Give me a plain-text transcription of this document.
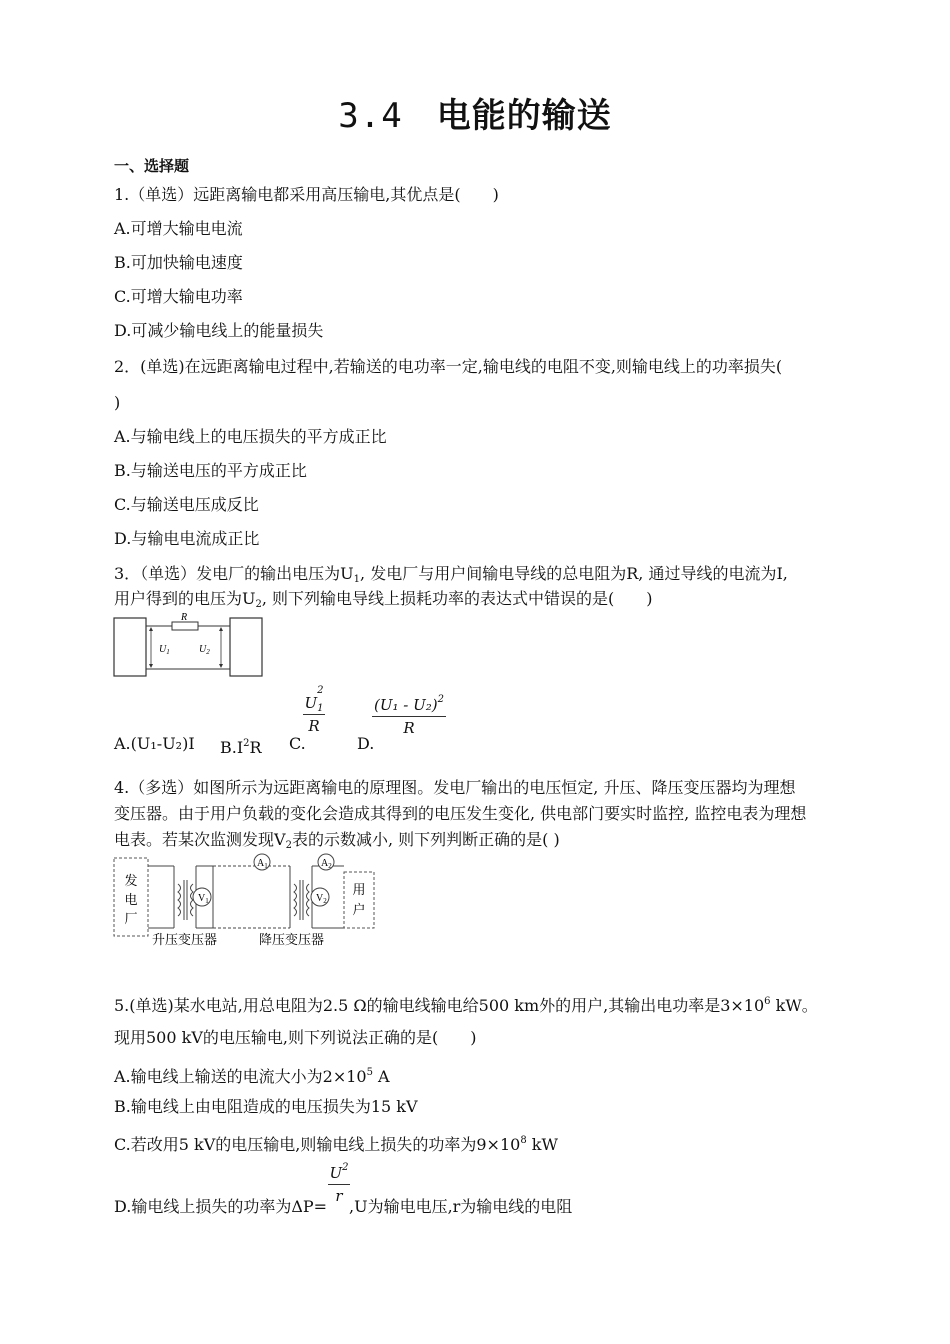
3.4 电能的输送
一、选择题
1.（单选）远距离输电都采用高压输电,其优点是(　　)
A.可增大输电电流
B.可加快输电速度
C.可增大输电功率
D.可减少输电线上的能量损失
2．(单选)在远距离输电过程中,若输送的电功率一定,输电线的电阻不变,则输电线上的功率损失(
)
A.与输电线上的电压损失的平方成正比
B.与输送电压的平方成正比
C.与输送电压成反比
D.与输电电流成正比
3．（单选）发电厂的输出电压为$U_1$, 发电厂与用户间输电导线的总电阻为R, 通过导线的电流为I,
用户得到的电压为$U_2$, 则下列输电导线上损耗功率的表达式中错误的是(　　)
R
$U_1$	$U_2$
A.(U₁-U₂)I $B.I^2R$ C.
U
2
$_1$
R
D.
(U₁ - U₂)$^2$
R
4.（多选）如图所示为远距离输电的原理图。发电厂输出的电压恒定, 升压、降压变压器均为理想
变压器。由于用户负载的变化会造成其得到的电压发生变化, 供电部门要实时监控, 监控电表为理想
电表。若某次监测发现$V_2$表的示数减小, 则下列判断正确的是( )
发
电
厂
用
户
$V_1$
$A_1$
$V_2$
$A_2$
升压变压器	降压变压器
5.(单选)某水电站,用总电阻为2.5 Ω的输电线输电给500 km外的用户,其输出电功率是$3\times 10^6$ kW。
现用500 kV的电压输电,则下列说法正确的是(　　)
A.输电线上输送的电流大小为$2\times 10^5$ A
B.输电线上由电阻造成的电压损失为15 kV
C.若改用5 kV的电压输电,则输电线上损失的功率为$9\times 10^8$ kW
D.输电线上损失的功率为ΔP=
$U^2$
r
,U为输电电压,r为输电线的电阻
